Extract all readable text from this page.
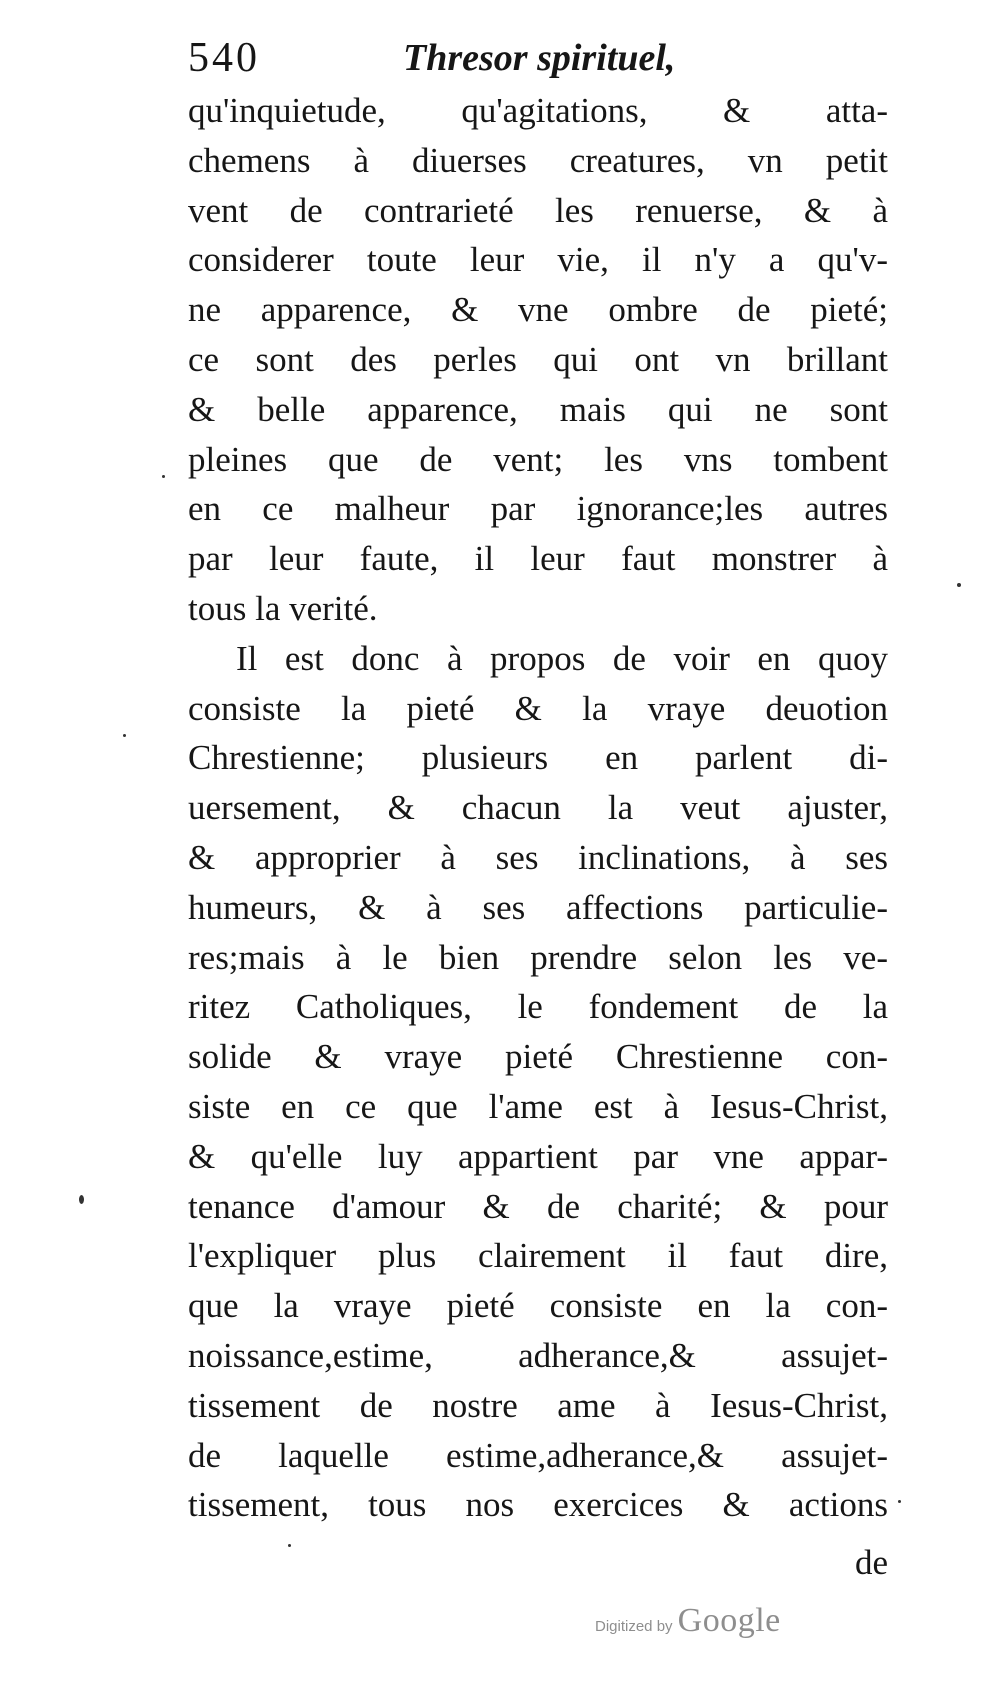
540	Thresor spirituel,
qu'inquietude, qu'agitations, & atta-
chemens à diuerses creatures, vn petit
vent de contrarieté les renuerse, & à
considerer toute leur vie, il n'y a qu'v-
ne apparence, & vne ombre de pieté;
ce sont des perles qui ont vn brillant
& belle apparence, mais qui ne sont
pleines que de vent; les vns tombent
en ce malheur par ignorance;les autres
par leur faute, il leur faut monstrer à
tous la verité.
Il est donc à propos de voir en quoy
consiste la pieté & la vraye deuotion
Chrestienne; plusieurs en parlent di-
uersement, & chacun la veut ajuster,
& approprier à ses inclinations, à ses
humeurs, & à ses affections particulie-
res;mais à le bien prendre selon les ve-
ritez Catholiques, le fondement de la
solide & vraye pieté Chrestienne con-
siste en ce que l'ame est à Iesus-Christ,
& qu'elle luy appartient par vne appar-
tenance d'amour & de charité; & pour
l'expliquer plus clairement il faut dire,
que la vraye pieté consiste en la con-
noissance,estime, adherance,& assujet-
tissement de nostre ame à Iesus-Christ,
de laquelle estime,adherance,& assujet-
tissement, tous nos exercices & actions
de
Digitized by Google
